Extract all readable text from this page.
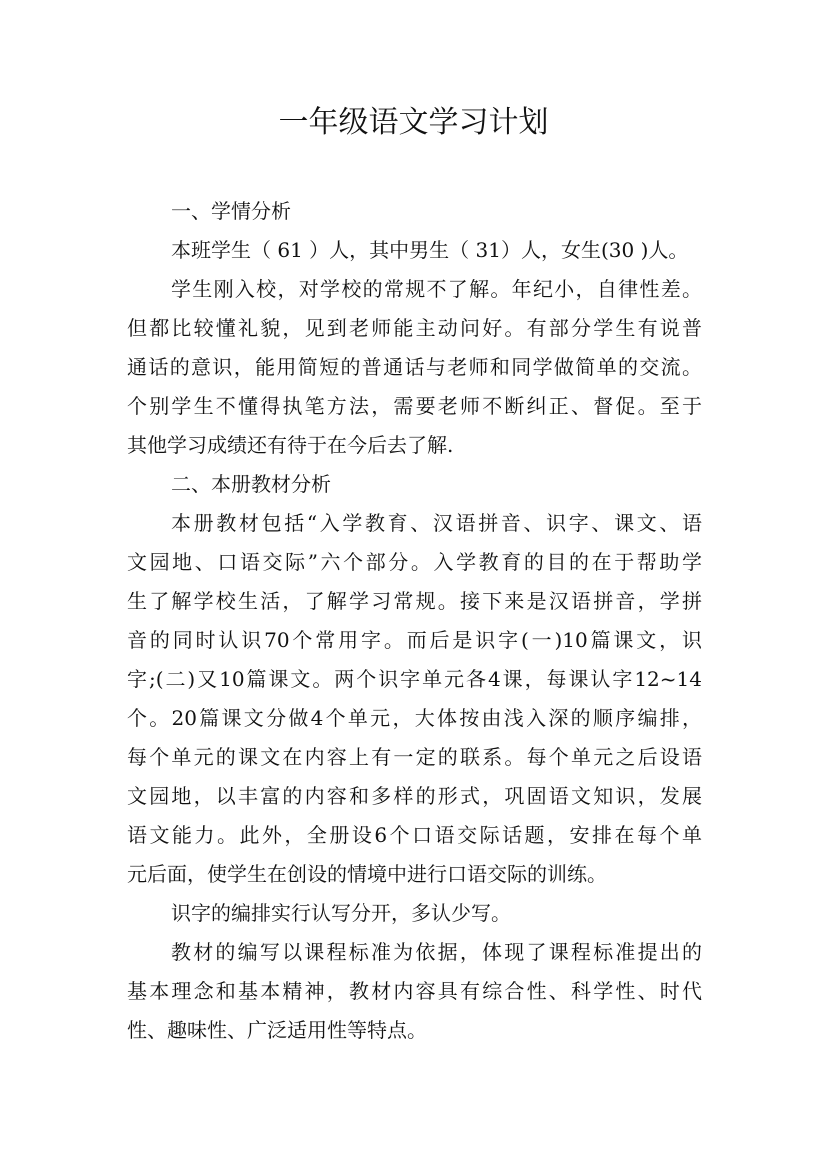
一年级语文学习计划
一、学情分析
本班学生（ 61 ）人，其中男生（ 31）人，女生(30 )人。
学生刚入校，对学校的常规不了解。年纪小，自律性差。
但都比较懂礼貌，见到老师能主动问好。有部分学生有说普
通话的意识，能用简短的普通话与老师和同学做简单的交流。
个别学生不懂得执笔方法，需要老师不断纠正、督促。至于
其他学习成绩还有待于在今后去了解.
二、本册教材分析
本册教材包括“入学教育、汉语拼音、识字、课文、语
文园地、口语交际”六个部分。入学教育的目的在于帮助学
生了解学校生活，了解学习常规。接下来是汉语拼音，学拼
音的同时认识70个常用字。而后是识字(一)10篇课文，识
字;(二)又10篇课文。两个识字单元各4课，每课认字12~14
个。20篇课文分做4个单元，大体按由浅入深的顺序编排，
每个单元的课文在内容上有一定的联系。每个单元之后设语
文园地，以丰富的内容和多样的形式，巩固语文知识，发展
语文能力。此外，全册设6个口语交际话题，安排在每个单
元后面，使学生在创设的情境中进行口语交际的训练。
识字的编排实行认写分开，多认少写。
教材的编写以课程标准为依据，体现了课程标准提出的
基本理念和基本精神，教材内容具有综合性、科学性、时代
性、趣味性、广泛适用性等特点。
